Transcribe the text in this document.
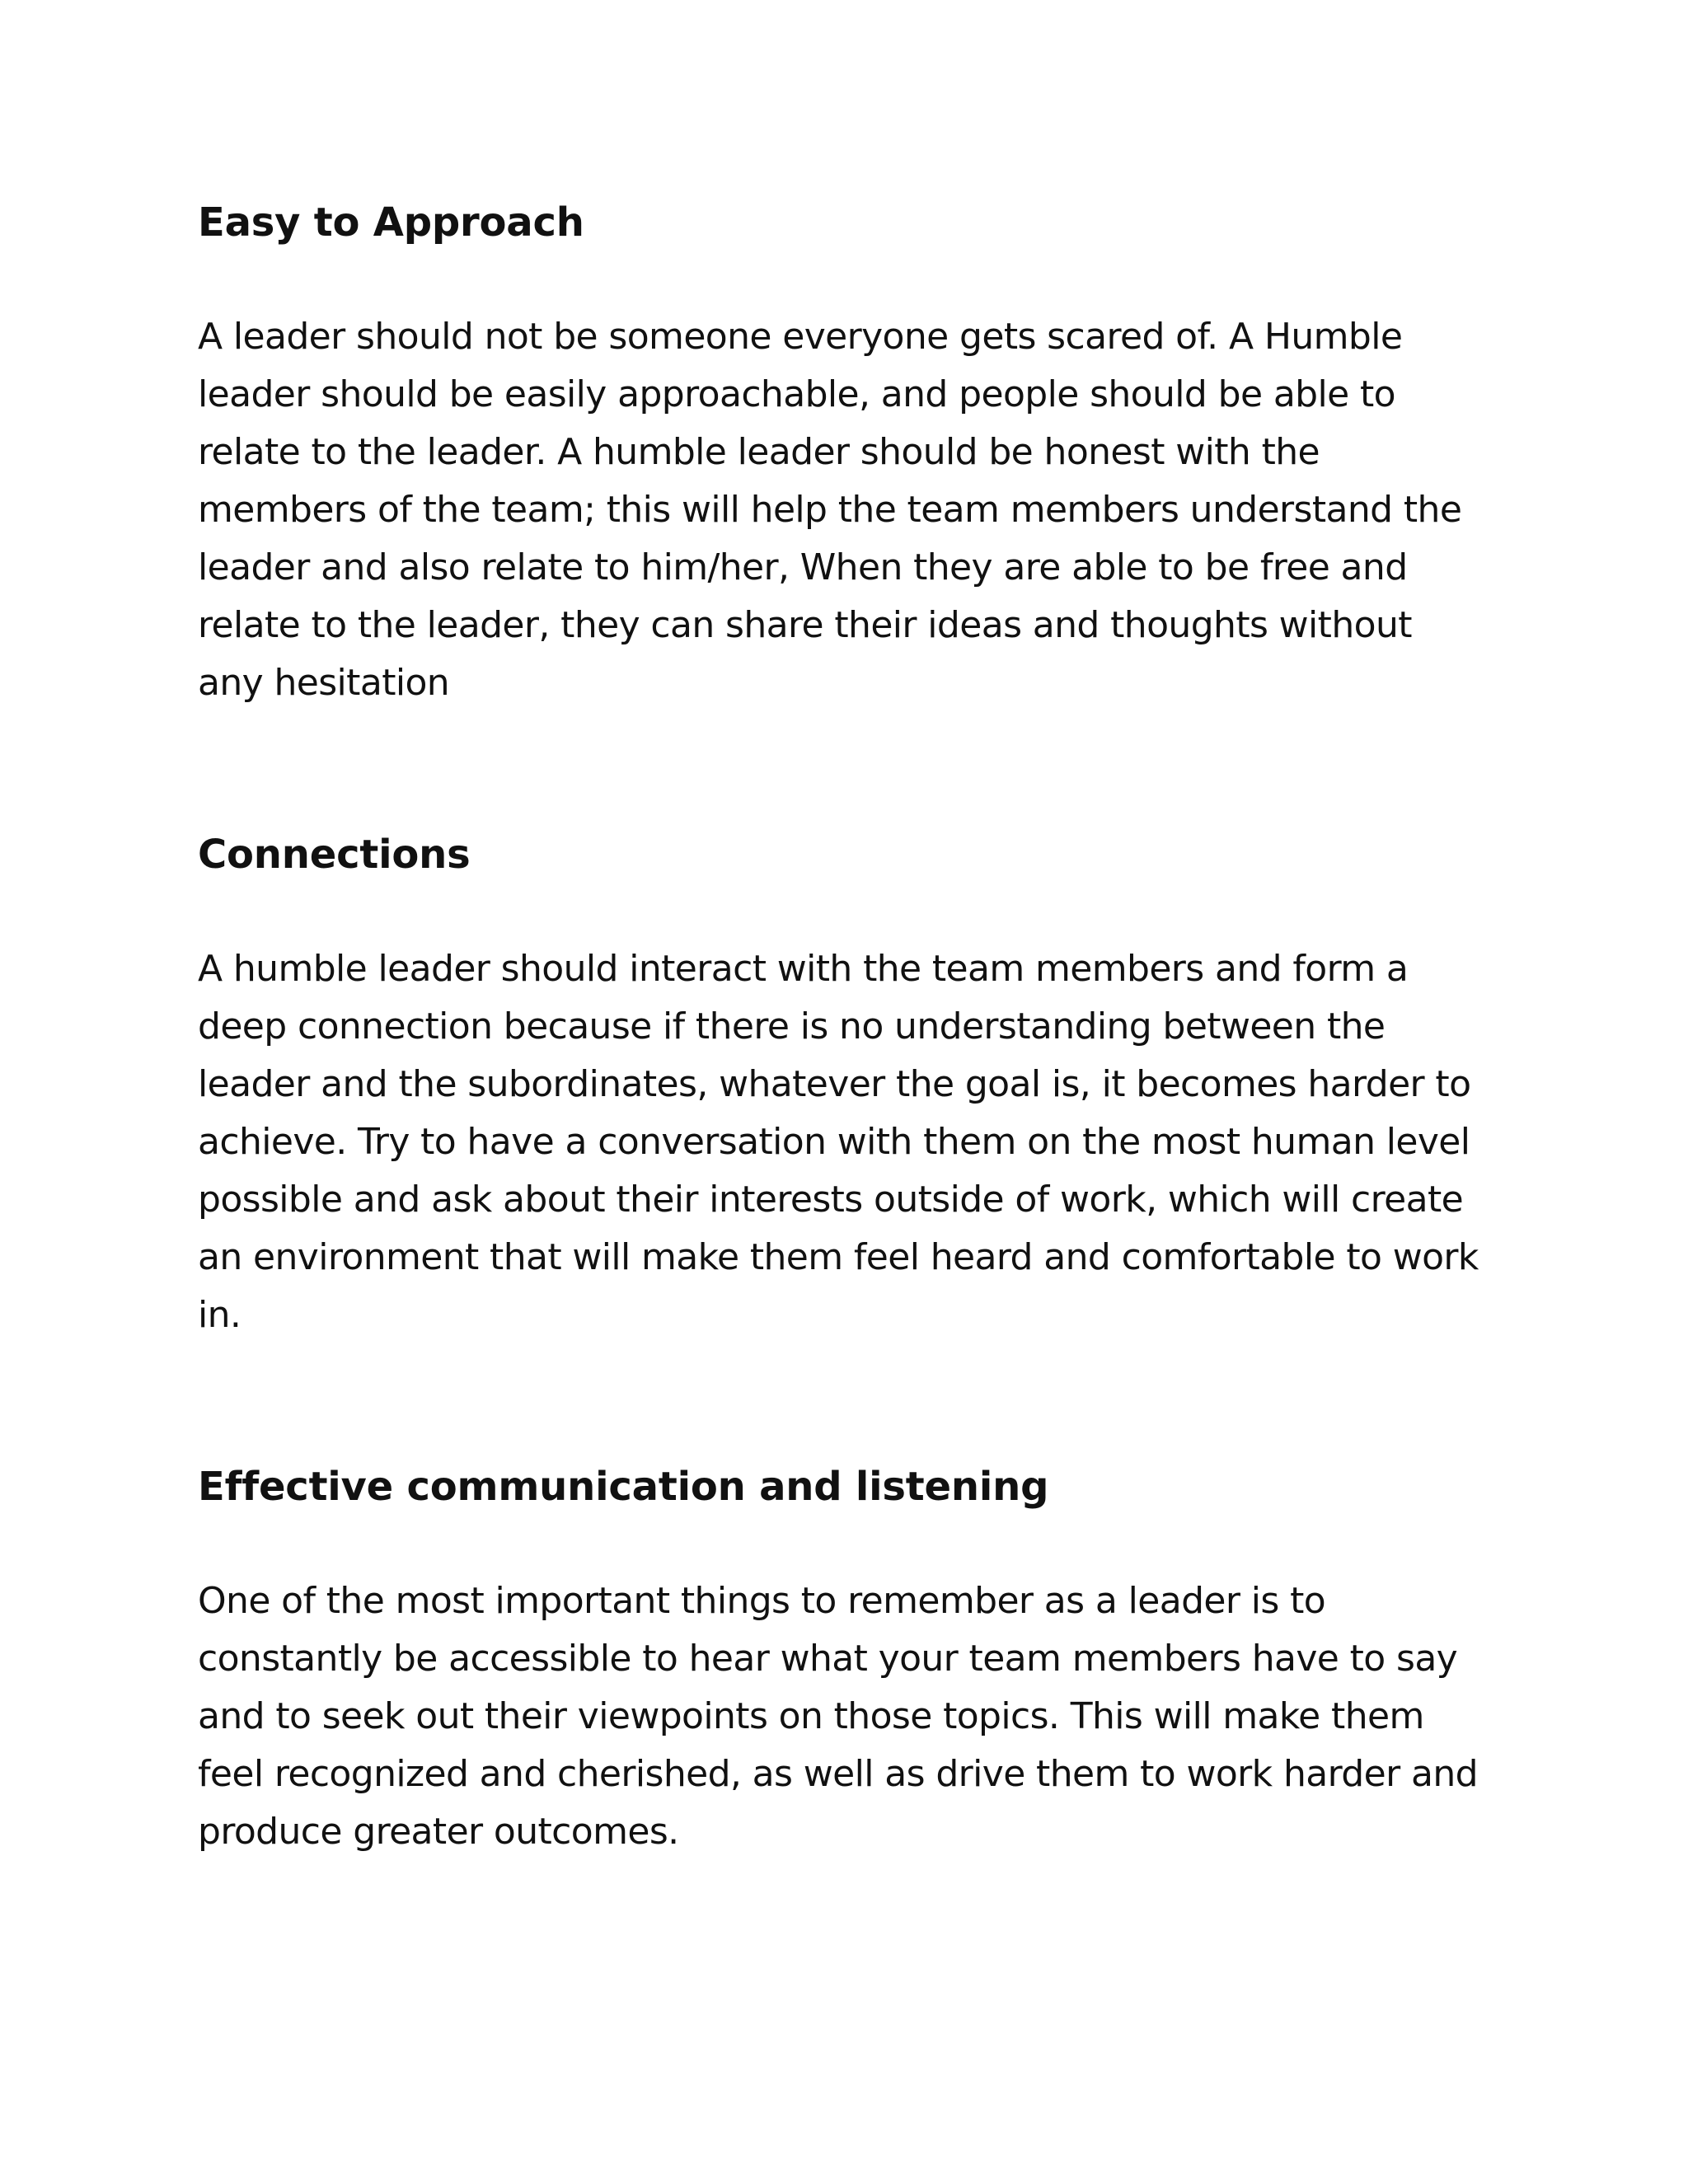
Easy to Approach

A leader should not be someone everyone gets scared of. A Humble
leader should be easily approachable, and people should be able to
relate to the leader. A humble leader should be honest with the
members of the team; this will help the team members understand the
leader and also relate to him/her, When they are able to be free and
relate to the leader, they can share their ideas and thoughts without
any hesitation

Connections

A humble leader should interact with the team members and form a
deep connection because if there is no understanding between the
leader and the subordinates, whatever the goal is, it becomes harder to
achieve. Try to have a conversation with them on the most human level
possible and ask about their interests outside of work, which will create
an environment that will make them feel heard and comfortable to work
in.

Effective communication and listening

One of the most important things to remember as a leader is to
constantly be accessible to hear what your team members have to say
and to seek out their viewpoints on those topics. This will make them
feel recognized and cherished, as well as drive them to work harder and
produce greater outcomes.
